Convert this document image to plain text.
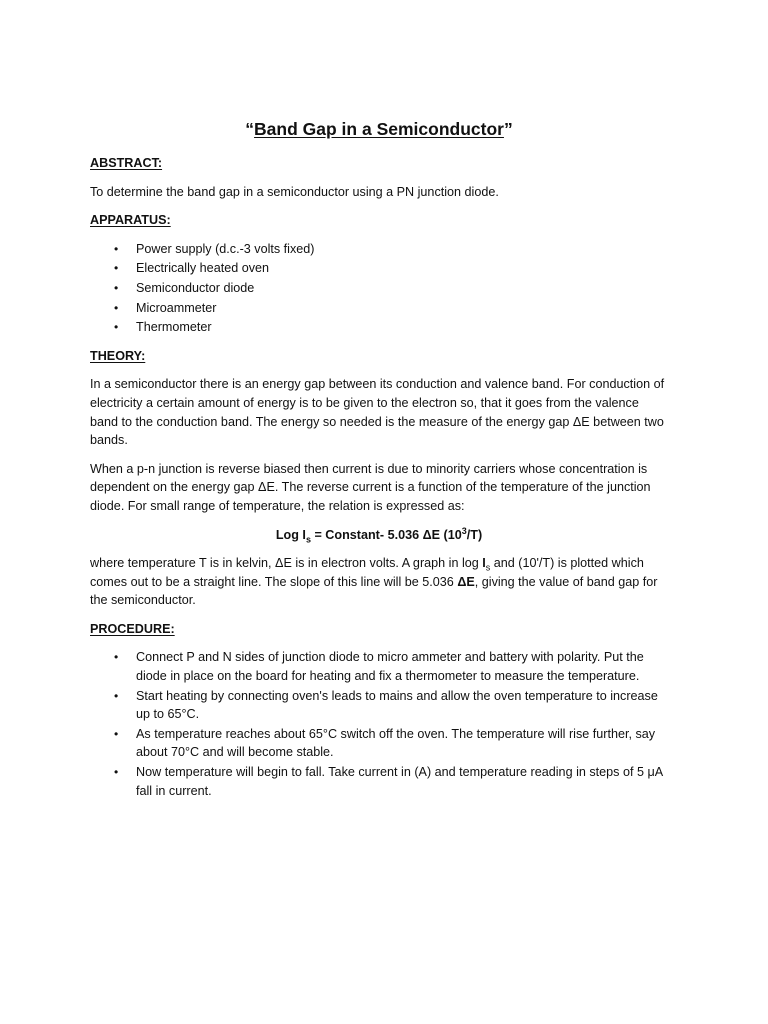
“Band Gap in a Semiconductor”
ABSTRACT:

To determine the band gap in a semiconductor using a PN junction diode.

APPARATUS:
• Power supply (d.c.-3 volts fixed)
• Electrically heated oven
• Semiconductor diode
• Microammeter
• Thermometer
THEORY:

In a semiconductor there is an energy gap between its conduction and valence band. For conduction of electricity a certain amount of energy is to be given to the electron so, that it goes from the valence band to the conduction band. The energy so needed is the measure of the energy gap ΔE between two bands.

When a p-n junction is reverse biased then current is due to minority carriers whose concentration is dependent on the energy gap ΔE. The reverse current is a function of the temperature of the junction diode. For small range of temperature, the relation is expressed as:

Log $I_s$ = Constant- 5.036 ΔE $(10^3/T)$

where temperature T is in kelvin, ΔE is in electron volts. A graph in $\log I_s$ and (10'/T) is plotted which comes out to be a straight line. The slope of this line will be 5.036 ΔE, giving the value of band gap for the semiconductor.

PROCEDURE:
• Connect P and N sides of junction diode to micro ammeter and battery with polarity. Put the diode in place on the board for heating and fix a thermometer to measure the temperature.
• Start heating by connecting oven's leads to mains and allow the oven temperature to increase up to 65°C.
• As temperature reaches about 65°C switch off the oven. The temperature will rise further, say about 70°C and will become stable.
• Now temperature will begin to fall. Take current in (A) and temperature reading in steps of 5 μA fall in current.
